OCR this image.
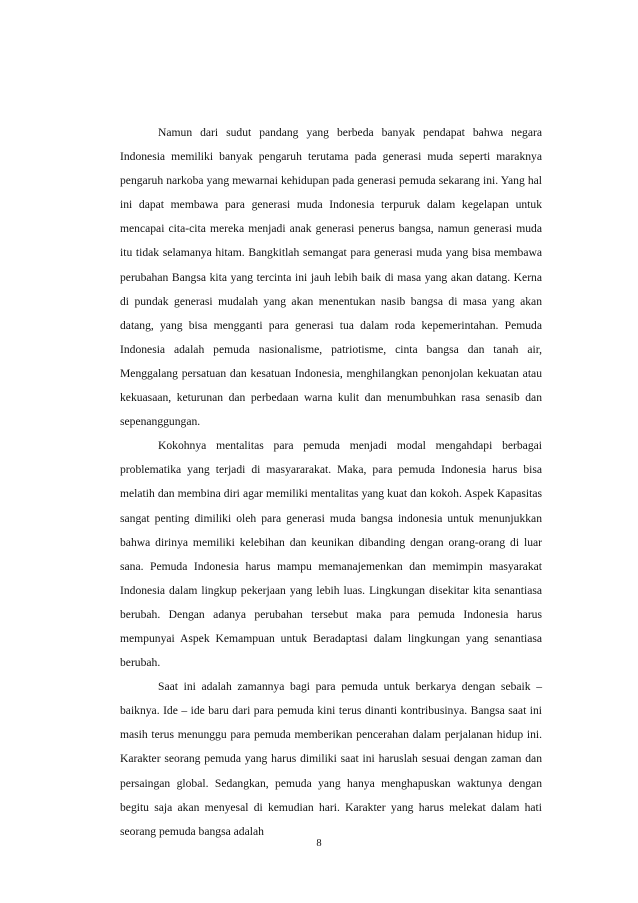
Namun dari sudut pandang yang berbeda banyak pendapat bahwa negara Indonesia memiliki banyak pengaruh terutama pada generasi muda seperti maraknya pengaruh narkoba yang mewarnai kehidupan pada generasi pemuda sekarang ini. Yang hal ini dapat membawa para generasi muda Indonesia terpuruk dalam kegelapan untuk mencapai cita-cita mereka menjadi anak generasi penerus bangsa, namun generasi muda itu tidak selamanya hitam. Bangkitlah semangat para generasi muda yang bisa membawa perubahan Bangsa kita yang tercinta ini jauh lebih baik di masa yang akan datang. Kerna di pundak generasi mudalah yang akan menentukan nasib bangsa di masa yang akan datang, yang bisa mengganti para generasi tua dalam roda kepemerintahan. Pemuda Indonesia adalah pemuda nasionalisme, patriotisme, cinta bangsa dan tanah air, Menggalang persatuan dan kesatuan Indonesia, menghilangkan penonjolan kekuatan atau kekuasaan, keturunan dan perbedaan warna kulit dan menumbuhkan rasa senasib dan sepenanggungan.

Kokohnya mentalitas para pemuda menjadi modal mengahdapi berbagai problematika yang terjadi di masyararakat. Maka, para pemuda Indonesia harus bisa melatih dan membina diri agar memiliki mentalitas yang kuat dan kokoh. Aspek Kapasitas sangat penting dimiliki oleh para generasi muda bangsa indonesia untuk menunjukkan bahwa dirinya memiliki kelebihan dan keunikan dibanding dengan orang-orang di luar sana. Pemuda Indonesia harus mampu memanajemenkan dan memimpin masyarakat Indonesia dalam lingkup pekerjaan yang lebih luas. Lingkungan disekitar kita senantiasa berubah. Dengan adanya perubahan tersebut maka para pemuda Indonesia harus mempunyai Aspek Kemampuan untuk Beradaptasi dalam lingkungan yang senantiasa berubah.

Saat ini adalah zamannya bagi para pemuda untuk berkarya dengan sebaik – baiknya. Ide – ide baru dari para pemuda kini terus dinanti kontribusinya. Bangsa saat ini masih terus menunggu para pemuda memberikan pencerahan dalam perjalanan hidup ini. Karakter seorang pemuda yang harus dimiliki saat ini haruslah sesuai dengan zaman dan persaingan global. Sedangkan, pemuda yang hanya menghapuskan waktunya dengan begitu saja akan menyesal di kemudian hari. Karakter yang harus melekat dalam hati seorang pemuda bangsa adalah

8
